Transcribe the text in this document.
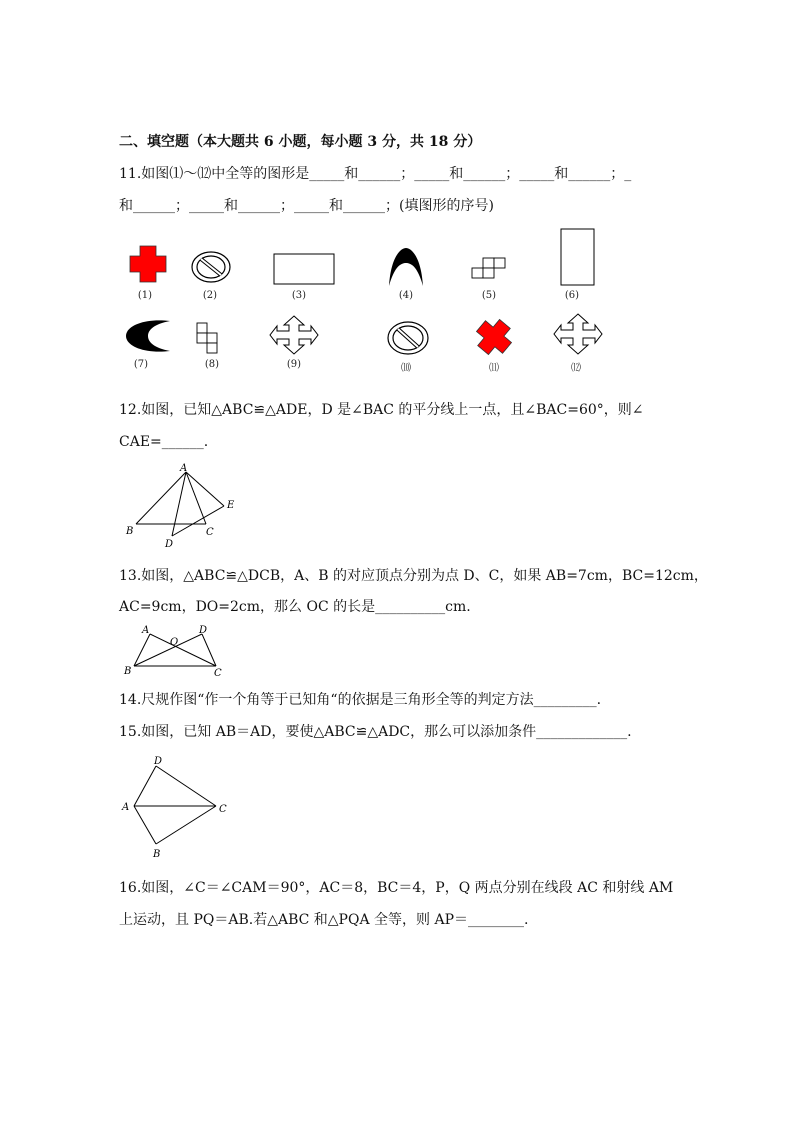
二、填空题（本大题共 6 小题，每小题 3 分，共 18 分）
11.如图⑴～⑿中全等的图形是_____和______；_____和______；_____和______；_
和______；_____和______；_____和______；(填图形的序号)
(1)	(2)	(3)	(4)	(5)	(6)
(7)	(8)	(9)	⑽	⑾	⑿
12.如图，已知△ABC≌△ADE，D 是∠BAC 的平分线上一点，且∠BAC=60°，则∠
CAE=______.
A
B	C
D
E
13.如图，△ABC≌△DCB，A、B 的对应顶点分别为点 D、C，如果 AB=7cm，BC=12cm，
AC=9cm，DO=2cm，那么 OC 的长是__________cm.
A
O
D
B	C
14.尺规作图“作一个角等于已知角“的依据是三角形全等的判定方法_________.
15.如图，已知 AB＝AD，要使△ABC≌△ADC，那么可以添加条件_____________.
D
A	C
B
16.如图，∠C＝∠CAM＝90°，AC＝8，BC＝4，P，Q 两点分别在线段 AC 和射线 AM
上运动，且 PQ＝AB.若△ABC 和△PQA 全等，则 AP＝________.
